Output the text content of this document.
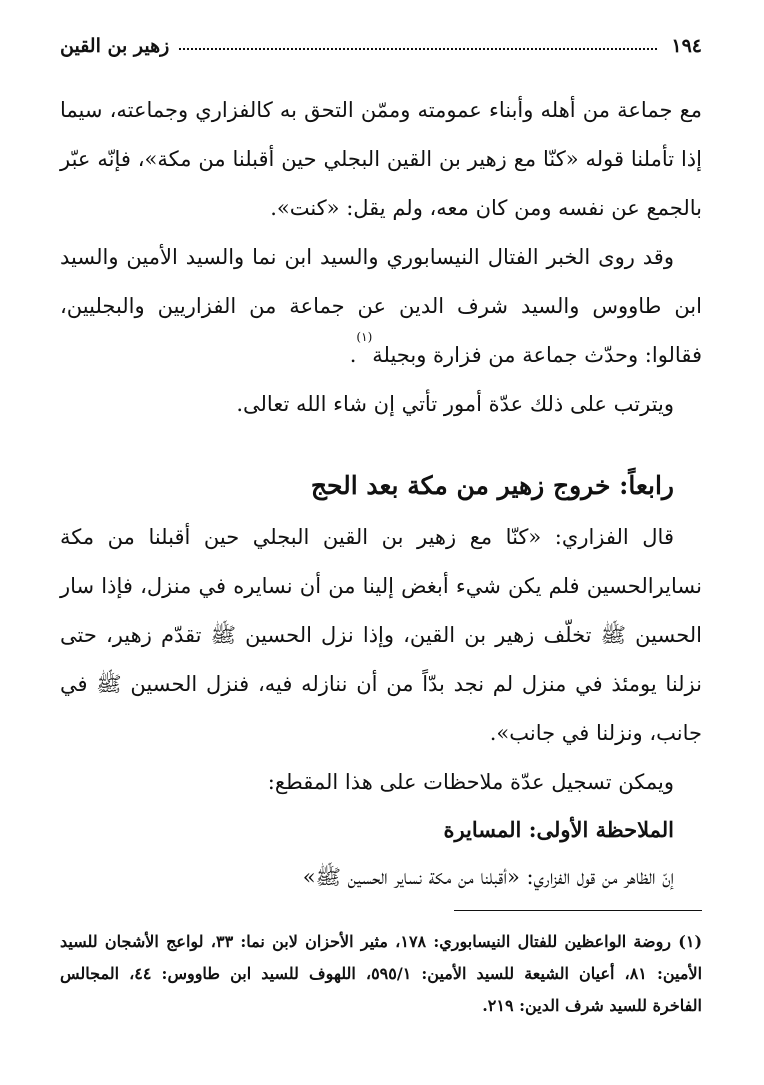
١٩٤
زهير بن القين

مع جماعة من أهله وأبناء عمومته وممّن التحق به كالفزاري وجماعته، سيما إذا تأملنا قوله «كنّا مع زهير بن القين البجلي حين أقبلنا من مكة»، فإنّه عبّر بالجمع عن نفسه ومن كان معه، ولم يقل: «كنت».

وقد روى الخبر الفتال النيسابوري والسيد ابن نما والسيد الأمين والسيد ابن طاووس والسيد شرف الدين عن جماعة من الفزاريين والبجليين، فقالوا: وحدّث جماعة من فزارة وبجيلة$^{(١)}$.

ويترتب على ذلك عدّة أمور تأتي إن شاء الله تعالى.

رابعاً: خروج زهير من مكة بعد الحج

قال الفزاري: «كنّا مع زهير بن القين البجلي حين أقبلنا من مكة نسايرالحسين فلم يكن شيء أبغض إلينا من أن نسايره في منزل، فإذا سار الحسين ﷺ تخلّف زهير بن القين، وإذا نزل الحسين ﷺ تقدّم زهير، حتى نزلنا يومئذ في منزل لم نجد بدّاً من أن ننازله فيه، فنزل الحسين ﷺ في جانب، ونزلنا في جانب».

ويمكن تسجيل عدّة ملاحظات على هذا المقطع:

الملاحظة الأولى: المسايرة

إنّ الظاهر من قول الفزاري: «أقبلنا من مكة نساير الحسين ﷺ»

(١) روضة الواعظين للفتال النيسابوري: ١٧٨، مثير الأحزان لابن نما: ٣٣، لواعج الأشجان للسيد الأمين: ٨١، أعيان الشيعة للسيد الأمين: ٥٩٥/١، اللهوف للسيد ابن طاووس: ٤٤، المجالس الفاخرة للسيد شرف الدين: ٢١٩.
